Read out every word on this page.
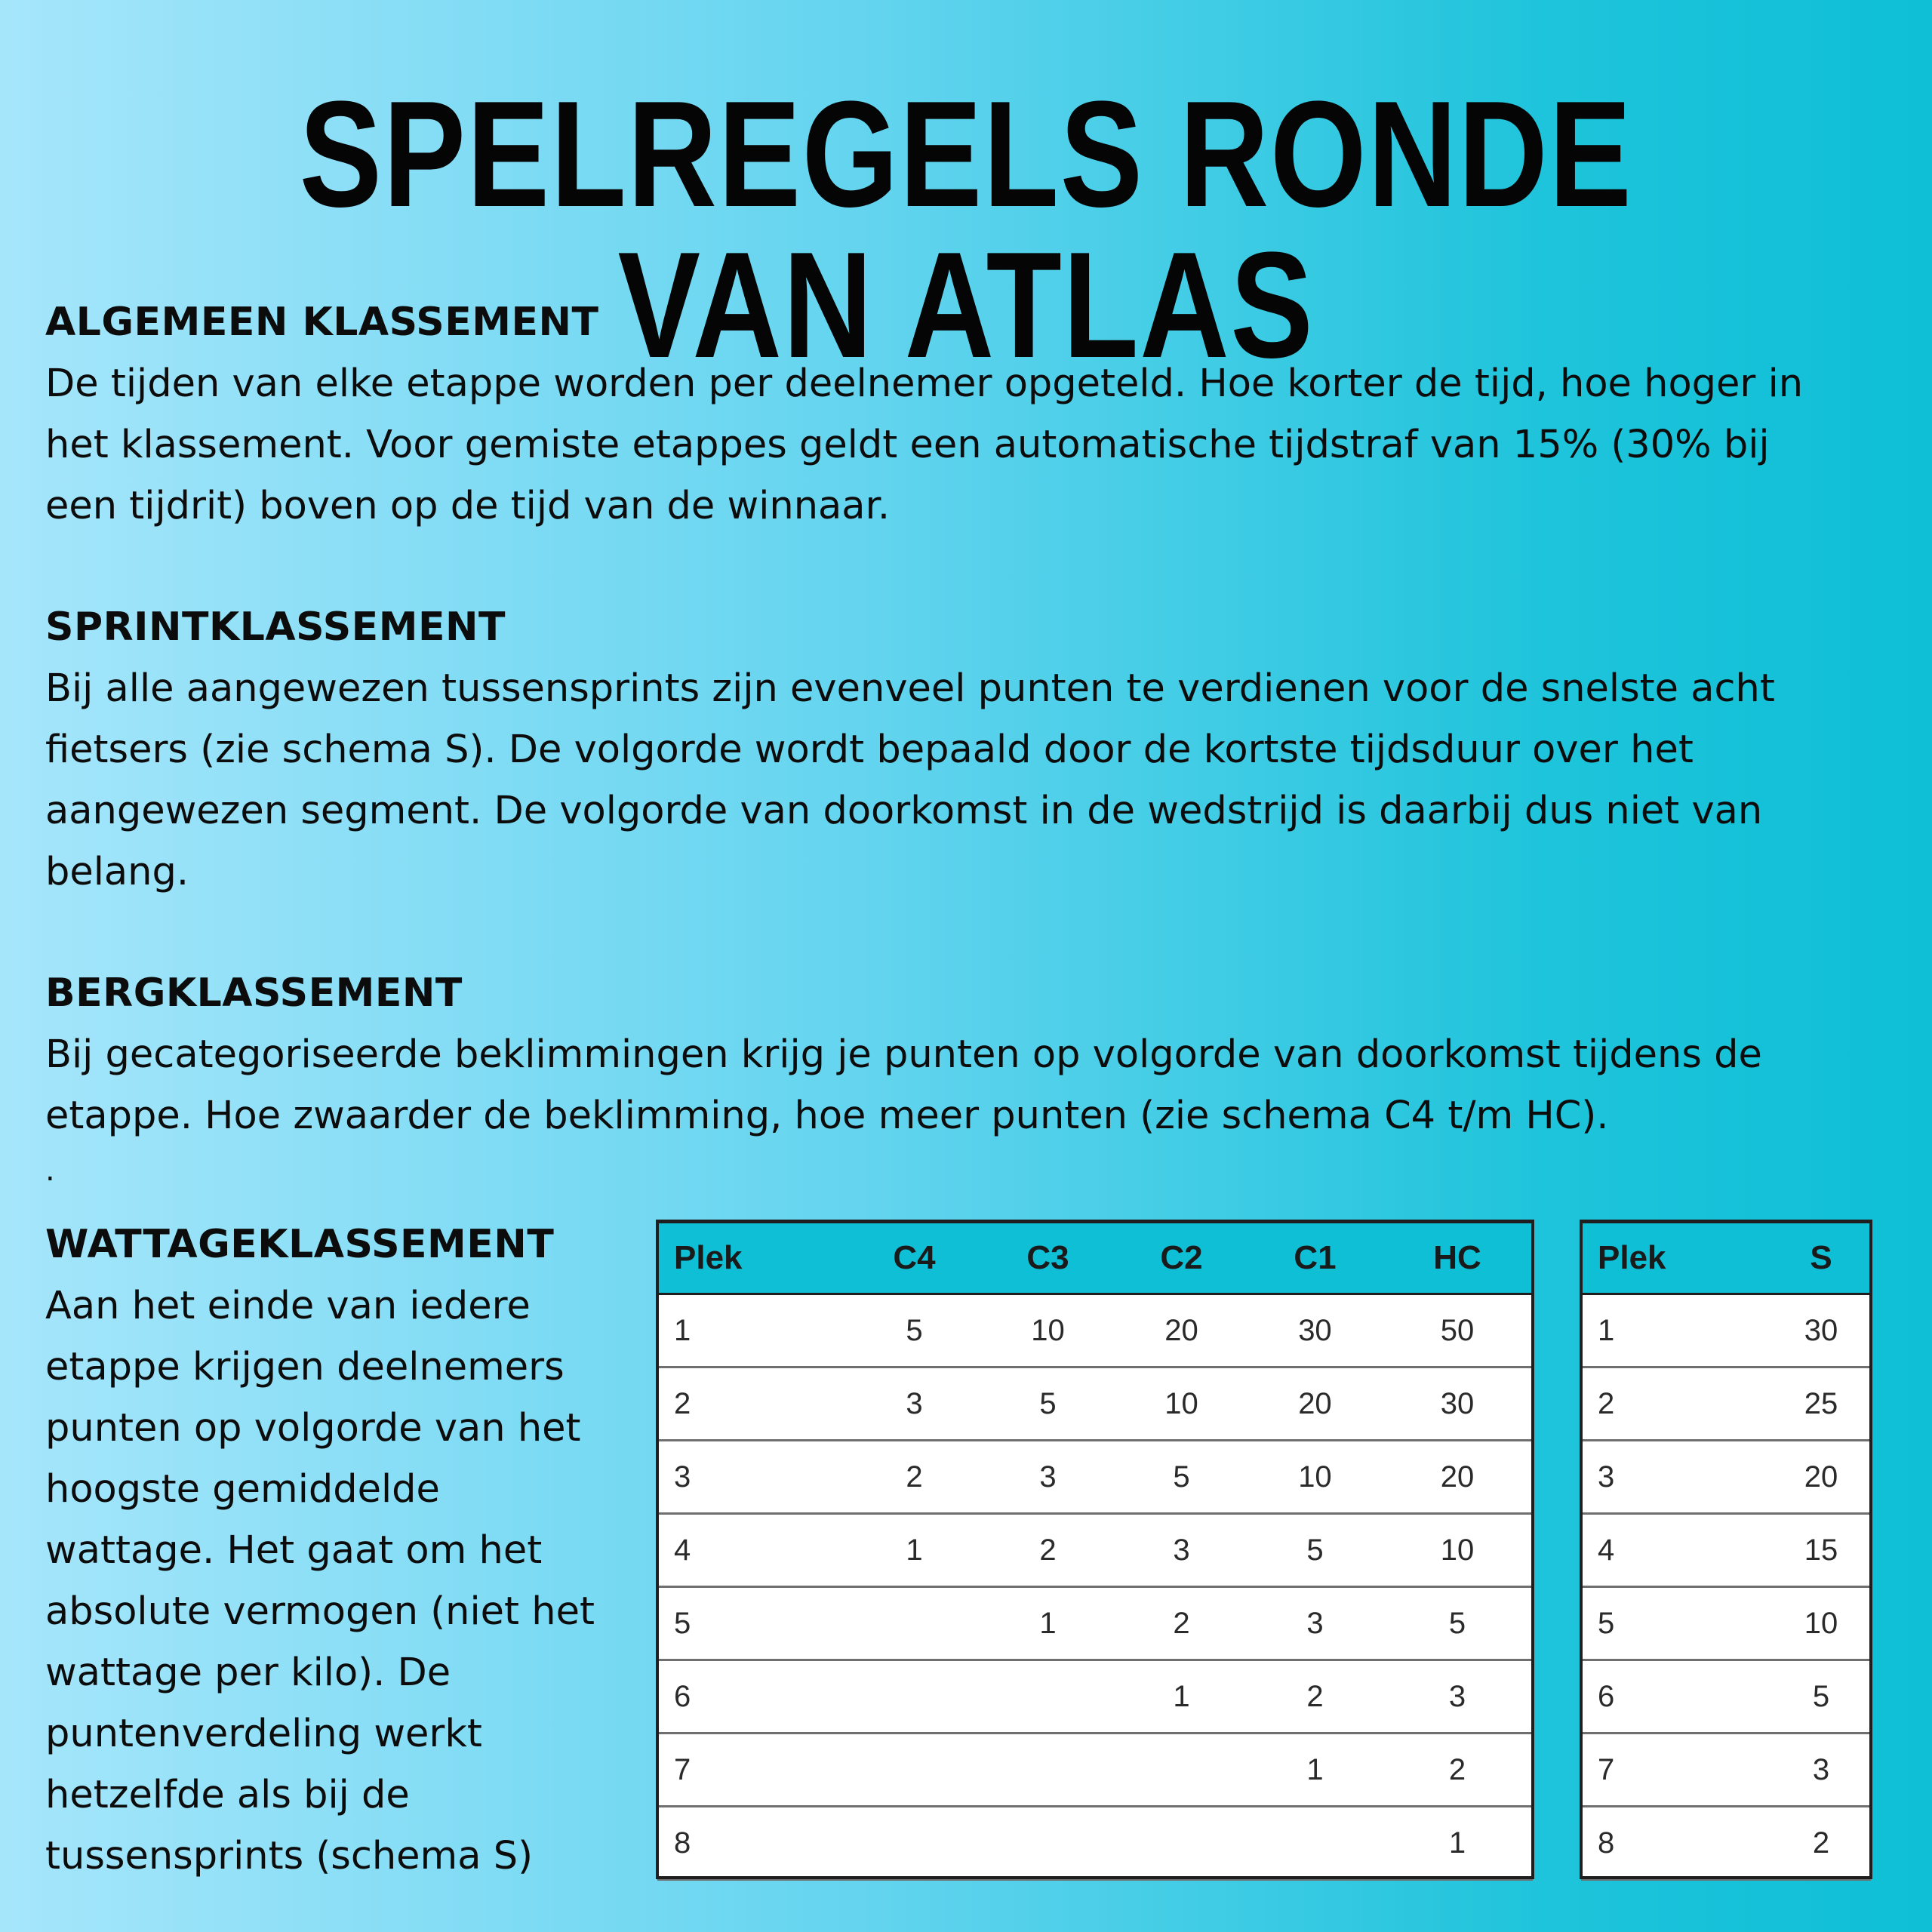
SPELREGELS RONDE VAN ATLAS
ALGEMEEN KLASSEMENT

De tijden van elke etappe worden per deelnemer opgeteld. Hoe korter de tijd, hoe hoger in
het klassement. Voor gemiste etappes geldt een automatische tijdstraf van 15% (30% bij
een tijdrit) boven op de tijd van de winnaar.

SPRINTKLASSEMENT

Bij alle aangewezen tussensprints zijn evenveel punten te verdienen voor de snelste acht
fietsers (zie schema S). De volgorde wordt bepaald door de kortste tijdsduur over het
aangewezen segment. De volgorde van doorkomst in de wedstrijd is daarbij dus niet van
belang.

BERGKLASSEMENT

Bij gecategoriseerde beklimmingen krijg je punten op volgorde van doorkomst tijdens de
etappe. Hoe zwaarder de beklimming, hoe meer punten (zie schema C4 t/m HC).

.
WATTAGEKLASSEMENT

Aan het einde van iedere
etappe krijgen deelnemers
punten op volgorde van het
hoogste gemiddelde
wattage. Het gaat om het
absolute vermogen (niet het
wattage per kilo). De
puntenverdeling werkt
hetzelfde als bij de
tussensprints (schema S)

Plek	C4	C3	C2	C1	HC
1	5	10	20	30	50
2	3	5	10	20	30
3	2	3	5	10	20
4	1	2	3	5	10
5		1	2	3	5
6			1	2	3
7				1	2
8					1
Plek	S
1	30
2	25
3	20
4	15
5	10
6	5
7	3
8	2
